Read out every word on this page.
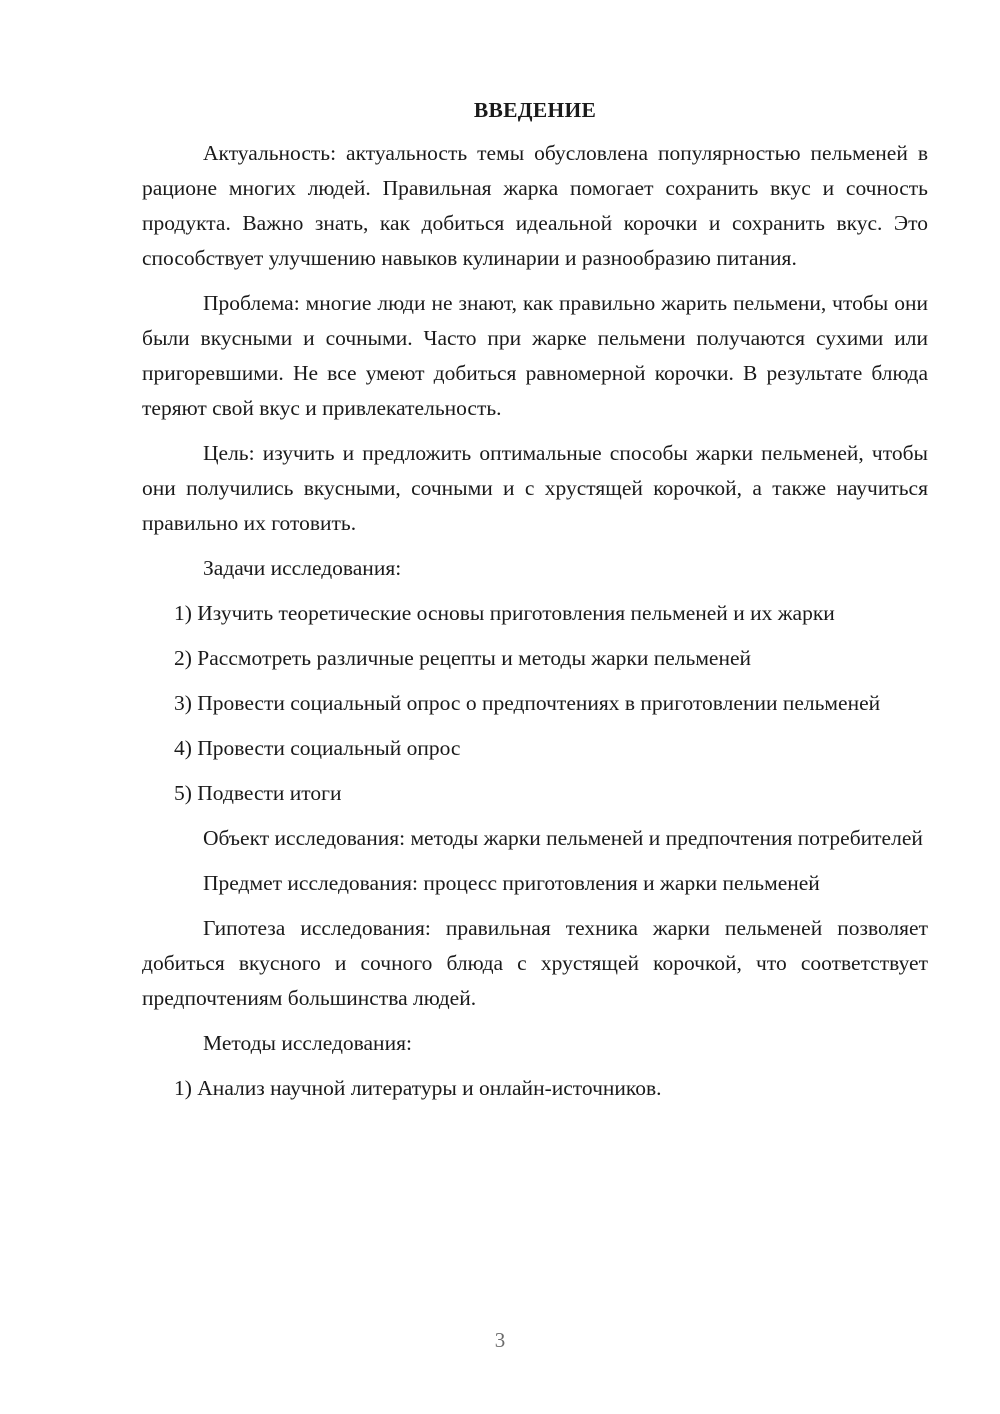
ВВЕДЕНИЕ

Актуальность: актуальность темы обусловлена популярностью пельменей в рационе многих людей. Правильная жарка помогает сохранить вкус и сочность продукта. Важно знать, как добиться идеальной корочки и сохранить вкус. Это способствует улучшению навыков кулинарии и разнообразию питания.

Проблема: многие люди не знают, как правильно жарить пельмени, чтобы они были вкусными и сочными. Часто при жарке пельмени получаются сухими или пригоревшими. Не все умеют добиться равномерной корочки. В результате блюда теряют свой вкус и привлекательность.

Цель: изучить и предложить оптимальные способы жарки пельменей, чтобы они получились вкусными, сочными и с хрустящей корочкой, а также научиться правильно их готовить.

Задачи исследования:

1) Изучить теоретические основы приготовления пельменей и их жарки

2) Рассмотреть различные рецепты и методы жарки пельменей

3) Провести социальный опрос о предпочтениях в приготовлении пельменей

4) Провести социальный опрос

5) Подвести итоги

Объект исследования: методы жарки пельменей и предпочтения потребителей

Предмет исследования: процесс приготовления и жарки пельменей

Гипотеза исследования: правильная техника жарки пельменей позволяет добиться вкусного и сочного блюда с хрустящей корочкой, что соответствует предпочтениям большинства людей.

Методы исследования:

1) Анализ научной литературы и онлайн-источников.

3
